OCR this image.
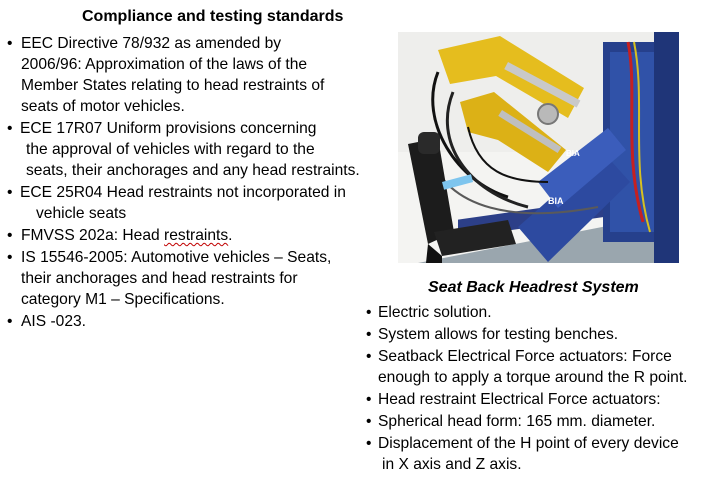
Compliance and testing standards
• EEC Directive 78/932 as amended by
2006/96: Approximation of the laws of the
Member States relating to head restraints of
seats of motor vehicles.
• ECE 17R07 Uniform provisions concerning
the approval of vehicles with regard to the
seats, their anchorages and any head restraints.
• ECE 25R04 Head restraints not incorporated in
vehicle seats
• FMVSS 202a: Head restraints.
• IS 15546-2005: Automotive vehicles – Seats,
their anchorages and head restraints for
category M1 – Specifications.
• AIS -023.
BIA
BIA
Seat Back Headrest System
• Electric solution.
• System allows for testing benches.
• Seatback Electrical Force actuators: Force
enough to apply a torque around the R point.
• Head restraint Electrical Force actuators:
• Spherical head form: 165 mm. diameter.
• Displacement of the H point of every device
in X axis and Z axis.
